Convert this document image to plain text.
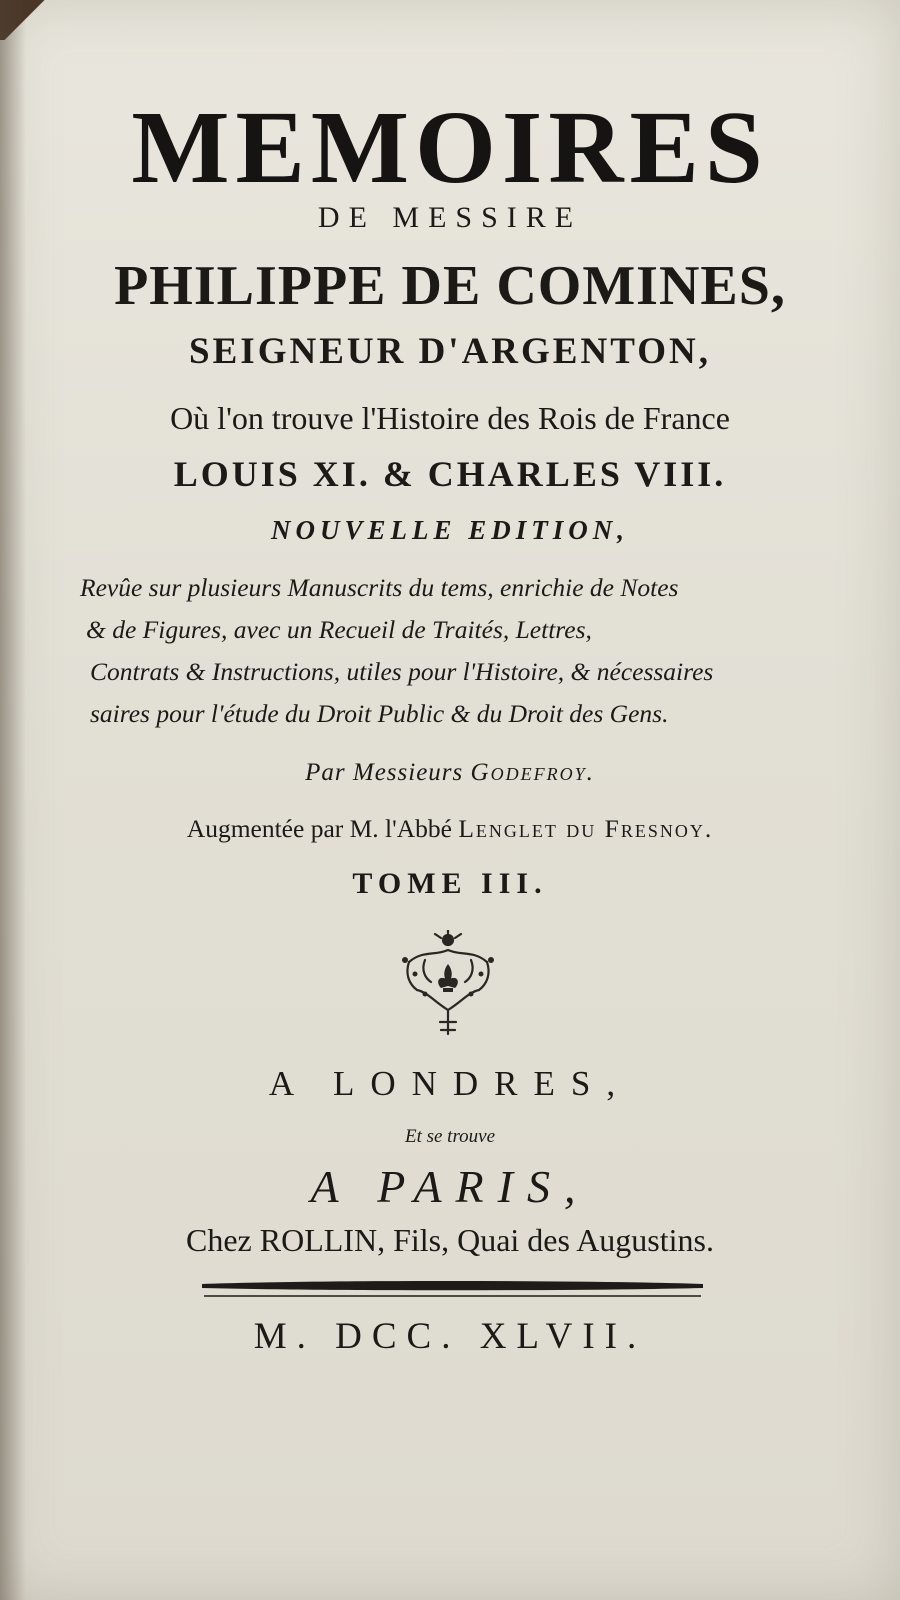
MEMOIRES
DE MESSIRE
PHILIPPE DE COMINES,
SEIGNEUR D'ARGENTON,
Où l'on trouve l'Histoire des Rois de France
LOUIS XI. & CHARLES VIII.
NOUVELLE EDITION,
Revûe sur plusieurs Manuscrits du tems, enrichie de Notes
& de Figures, avec un Recueil de Traités, Lettres,
Contrats & Instructions, utiles pour l'Histoire, & nécessaires
saires pour l'étude du Droit Public & du Droit des Gens.
Par Messieurs Godefroy.
Augmentée par M. l'Abbé Lenglet du Fresnoy.
TOME III.
A LONDRES,
Et se trouve
A PARIS,
Chez ROLLIN, Fils, Quai des Augustins.
M. DCC. XLVII.
